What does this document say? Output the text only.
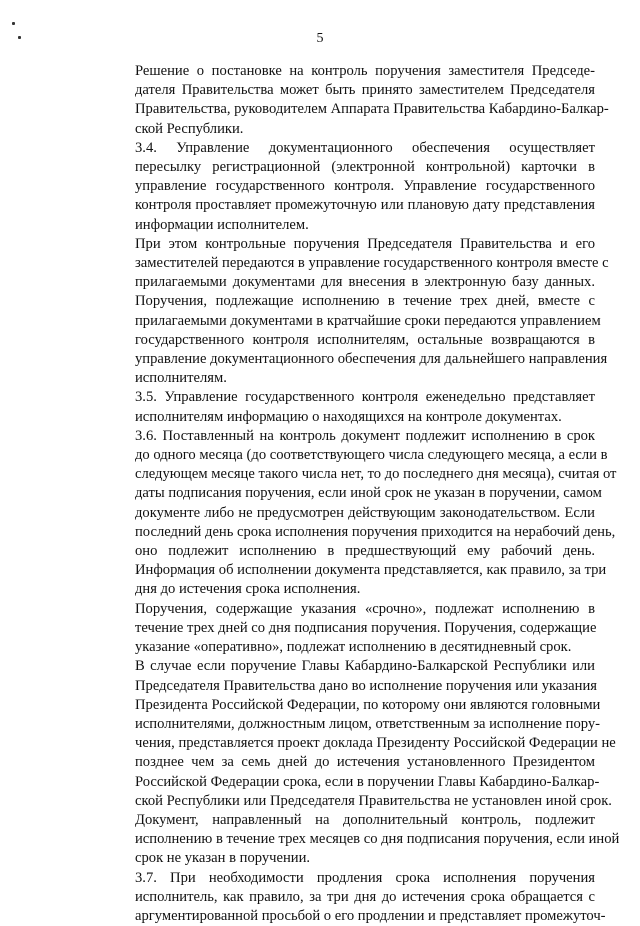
5
Решение о постановке на контроль поручения заместителя Председе-
дателя Правительства может быть принято заместителем Председателя
Правительства, руководителем Аппарата Правительства Кабардино-Балкар-
ской Республики.
3.4. Управление документационного обеспечения осуществляет
пересылку регистрационной (электронной контрольной) карточки в
управление государственного контроля. Управление государственного
контроля проставляет промежуточную или плановую дату представления
информации исполнителем.
При этом контрольные поручения Председателя Правительства и его
заместителей передаются в управление государственного контроля вместе с
прилагаемыми документами для внесения в электронную базу данных.
Поручения, подлежащие исполнению в течение трех дней, вместе с
прилагаемыми документами в кратчайшие сроки передаются управлением
государственного контроля исполнителям, остальные возвращаются в
управление документационного обеспечения для дальнейшего направления
исполнителям.
3.5. Управление государственного контроля еженедельно представляет
исполнителям информацию о находящихся на контроле документах.
3.6. Поставленный на контроль документ подлежит исполнению в срок
до одного месяца (до соответствующего числа следующего месяца, а если в
следующем месяце такого числа нет, то до последнего дня месяца), считая от
даты подписания поручения, если иной срок не указан в поручении, самом
документе либо не предусмотрен действующим законодательством. Если
последний день срока исполнения поручения приходится на нерабочий день,
оно подлежит исполнению в предшествующий ему рабочий день.
Информация об исполнении документа представляется, как правило, за три
дня до истечения срока исполнения.
Поручения, содержащие указания «срочно», подлежат исполнению в
течение трех дней со дня подписания поручения. Поручения, содержащие
указание «оперативно», подлежат исполнению в десятидневный срок.
В случае если поручение Главы Кабардино-Балкарской Республики или
Председателя Правительства дано во исполнение поручения или указания
Президента Российской Федерации, по которому они являются головными
исполнителями, должностным лицом, ответственным за исполнение пору-
чения, представляется проект доклада Президенту Российской Федерации не
позднее чем за семь дней до истечения установленного Президентом
Российской Федерации срока, если в поручении Главы Кабардино-Балкар-
ской Республики или Председателя Правительства не установлен иной срок.
Документ, направленный на дополнительный контроль, подлежит
исполнению в течение трех месяцев со дня подписания поручения, если иной
срок не указан в поручении.
3.7. При необходимости продления срока исполнения поручения
исполнитель, как правило, за три дня до истечения срока обращается с
аргументированной просьбой о его продлении и представляет промежуточ-
